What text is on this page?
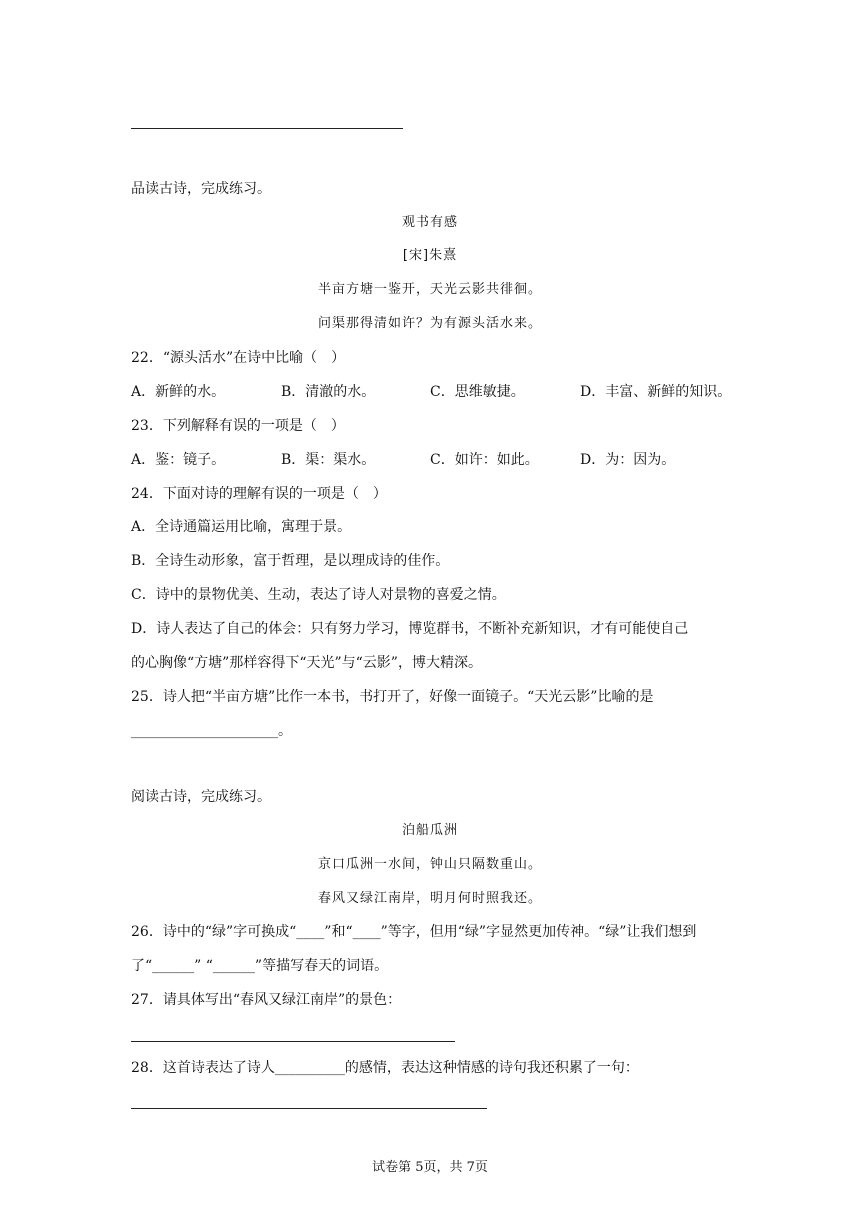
品读古诗，完成练习。
观书有感
[宋]朱熹
半亩方塘一鉴开，天光云影共徘徊。
问渠那得清如许？为有源头活水来。
22．“源头活水”在诗中比喻（　）
A．新鲜的水。	B．清澈的水。	C．思维敏捷。	D．丰富、新鲜的知识。
23．下列解释有误的一项是（　）
A．鉴：镜子。	B．渠：渠水。	C．如许：如此。	D．为：因为。
24．下面对诗的理解有误的一项是（　）
A．全诗通篇运用比喻，寓理于景。
B．全诗生动形象，富于哲理，是以理成诗的佳作。
C．诗中的景物优美、生动，表达了诗人对景物的喜爱之情。
D．诗人表达了自己的体会：只有努力学习，博览群书，不断补充新知识，才有可能使自己
的心胸像“方塘”那样容得下“天光”与“云影”，博大精深。
25．诗人把“半亩方塘”比作一本书，书打开了，好像一面镜子。“天光云影”比喻的是
_____________________。
阅读古诗，完成练习。
泊船瓜洲
京口瓜洲一水间，钟山只隔数重山。
春风又绿江南岸，明月何时照我还。
26．诗中的“绿”字可换成“____”和“____”等字，但用“绿”字显然更加传神。“绿”让我们想到
了“______” “______”等描写春天的词语。
27．请具体写出“春风又绿江南岸”的景色：
28．这首诗表达了诗人__________的感情，表达这种情感的诗句我还积累了一句：
试卷第 5页，共 7页
